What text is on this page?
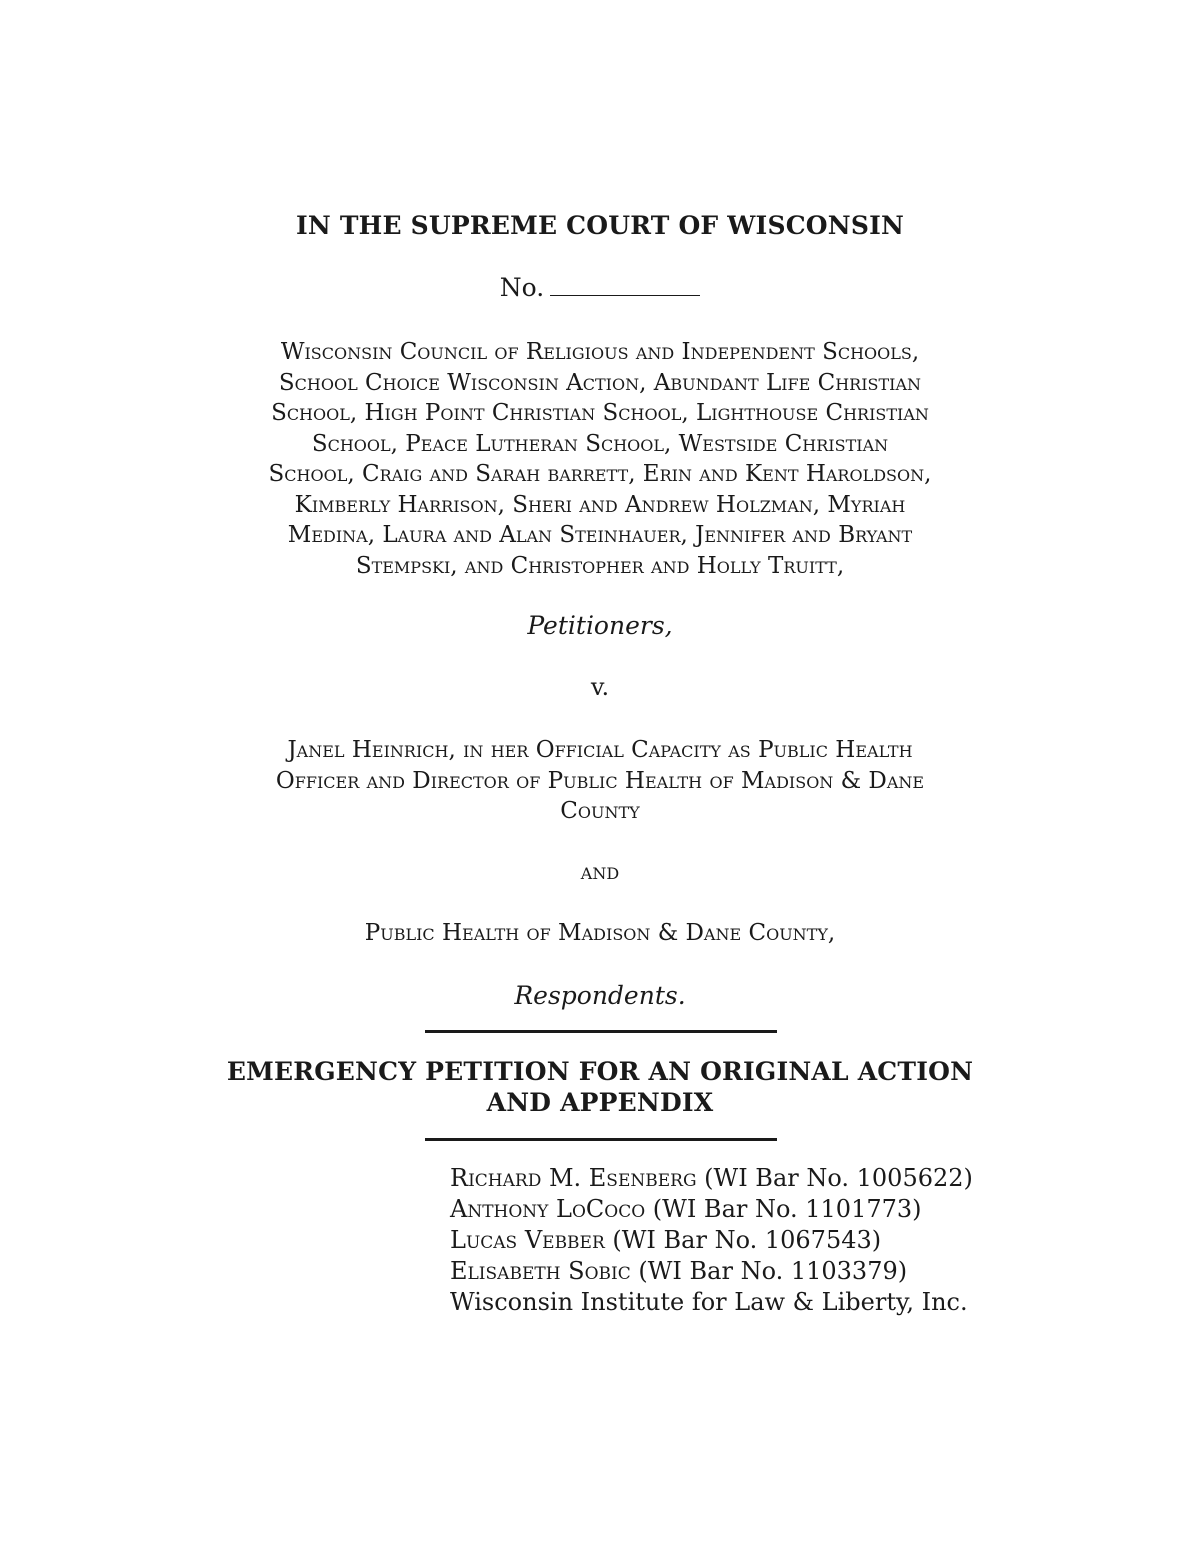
IN THE SUPREME COURT OF WISCONSIN
No.
Wisconsin Council of Religious and Independent Schools,
School Choice Wisconsin Action, Abundant Life Christian
School, High Point Christian School, Lighthouse Christian
School, Peace Lutheran School, Westside Christian
School, Craig and Sarah barrett, Erin and Kent Haroldson,
Kimberly Harrison, Sheri and Andrew Holzman, Myriah
Medina, Laura and Alan Steinhauer, Jennifer and Bryant
Stempski, and Christopher and Holly Truitt,
Petitioners,
v.
Janel Heinrich, in her Official Capacity as Public Health
Officer and Director of Public Health of Madison & Dane
County
and
Public Health of Madison & Dane County,
Respondents.
EMERGENCY PETITION FOR AN ORIGINAL ACTION
AND APPENDIX
Richard M. Esenberg (WI Bar No. 1005622)
Anthony LoCoco (WI Bar No. 1101773)
Lucas Vebber (WI Bar No. 1067543)
Elisabeth Sobic (WI Bar No. 1103379)
Wisconsin Institute for Law & Liberty, Inc.
